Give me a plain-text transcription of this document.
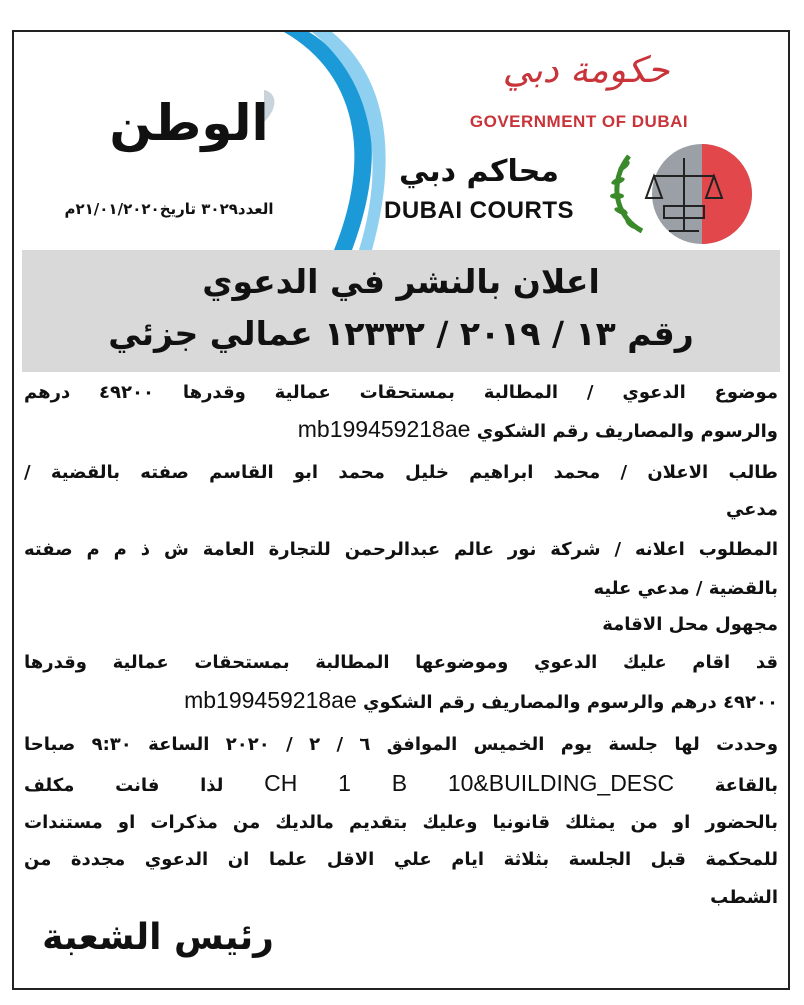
الوطن
العدد٣٠٢٩ تاريخ٢١/٠١/٢٠٢٠م
حكومة دبي
GOVERNMENT OF DUBAI
محاكم دبي
DUBAI COURTS
اعلان بالنشر في الدعوي
رقم ١٣ / ٢٠١٩ / ١٢٣٣٢ عمالي جزئي
موضوع الدعوي / المطالبة بمستحقات عمالية وقدرها ٤٩٢٠٠ درهم
والرسوم والمصاريف رقم الشكوي mb199459218ae
طالب الاعلان / محمد ابراهيم خليل محمد ابو القاسم صفته بالقضية /
مدعي
المطلوب اعلانه / شركة نور عالم عبدالرحمن للتجارة العامة ش ذ م م صفته
بالقضية / مدعي عليه
مجهول محل الاقامة
قد اقام عليك الدعوي وموضوعها المطالبة بمستحقات عمالية وقدرها
٤٩٢٠٠ درهم والرسوم والمصاريف رقم الشكوي mb199459218ae
وحددت لها جلسة يوم الخميس الموافق ٦ / ٢ / ٢٠٢٠ الساعة ٩:٣٠ صباحا
بالقاعة CH 1 B 10&BUILDING_DESC لذا فانت مكلف
بالحضور او من يمثلك قانونيا وعليك بتقديم مالديك من مذكرات او مستندات
للمحكمة قبل الجلسة بثلاثة ايام علي الاقل علما ان الدعوي مجددة من
الشطب
رئيس الشعبة
